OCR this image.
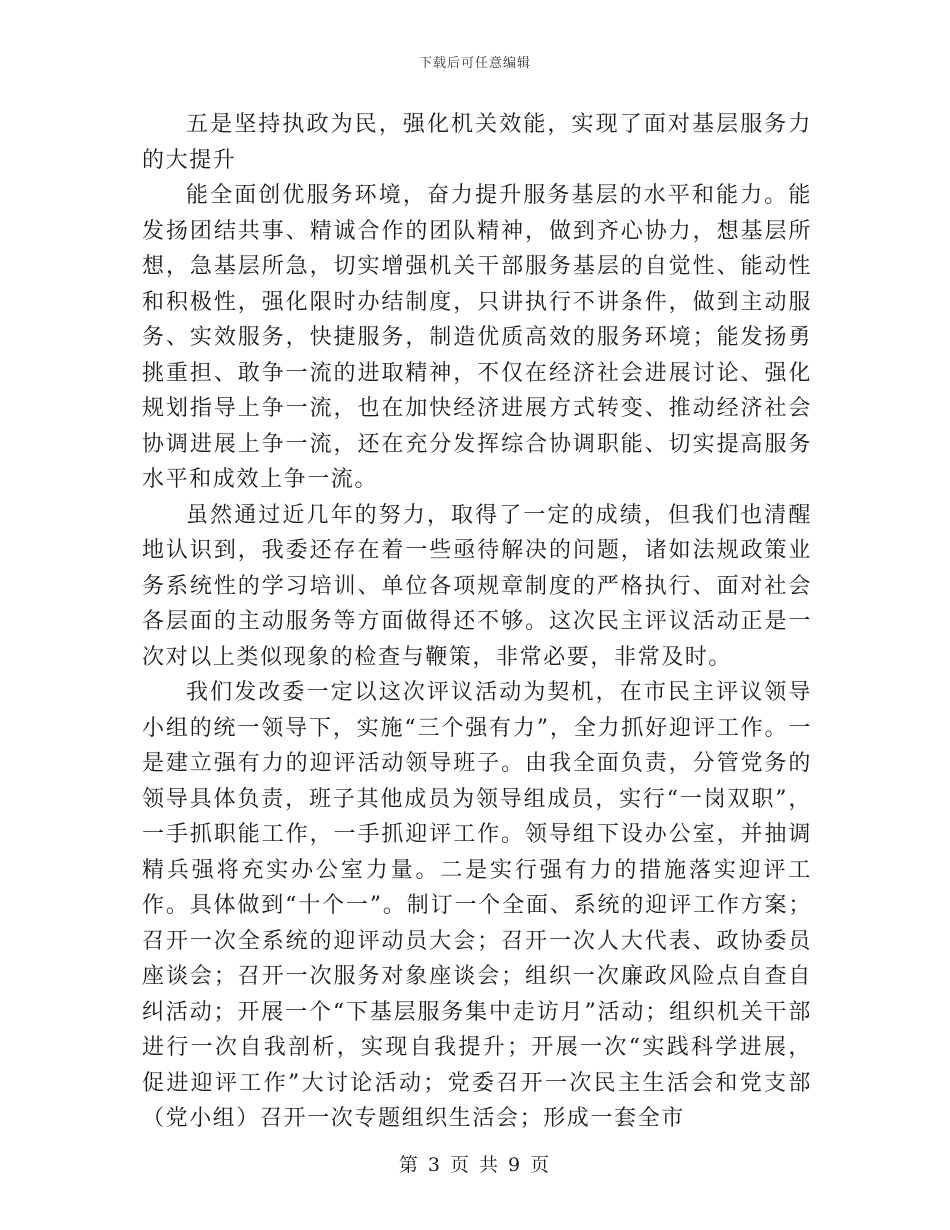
下载后可任意编辑

五是坚持执政为民，强化机关效能，实现了面对基层服务力的大提升

能全面创优服务环境，奋力提升服务基层的水平和能力。能发扬团结共事、精诚合作的团队精神，做到齐心协力，想基层所想，急基层所急，切实增强机关干部服务基层的自觉性、能动性和积极性，强化限时办结制度，只讲执行不讲条件，做到主动服务、实效服务，快捷服务，制造优质高效的服务环境；能发扬勇挑重担、敢争一流的进取精神，不仅在经济社会进展讨论、强化规划指导上争一流，也在加快经济进展方式转变、推动经济社会协调进展上争一流，还在充分发挥综合协调职能、切实提高服务水平和成效上争一流。

虽然通过近几年的努力，取得了一定的成绩，但我们也清醒地认识到，我委还存在着一些亟待解决的问题，诸如法规政策业务系统性的学习培训、单位各项规章制度的严格执行、面对社会各层面的主动服务等方面做得还不够。这次民主评议活动正是一次对以上类似现象的检查与鞭策，非常必要，非常及时。

我们发改委一定以这次评议活动为契机，在市民主评议领导小组的统一领导下，实施“三个强有力”，全力抓好迎评工作。一是建立强有力的迎评活动领导班子。由我全面负责，分管党务的领导具体负责，班子其他成员为领导组成员，实行“一岗双职”，一手抓职能工作，一手抓迎评工作。领导组下设办公室，并抽调精兵强将充实办公室力量。二是实行强有力的措施落实迎评工作。具体做到“十个一”。制订一个全面、系统的迎评工作方案；召开一次全系统的迎评动员大会；召开一次人大代表、政协委员座谈会；召开一次服务对象座谈会；组织一次廉政风险点自查自纠活动；开展一个“下基层服务集中走访月”活动；组织机关干部进行一次自我剖析，实现自我提升；开展一次“实践科学进展，促进迎评工作”大讨论活动；党委召开一次民主生活会和党支部（党小组）召开一次专题组织生活会；形成一套全市

第 3 页 共 9 页
